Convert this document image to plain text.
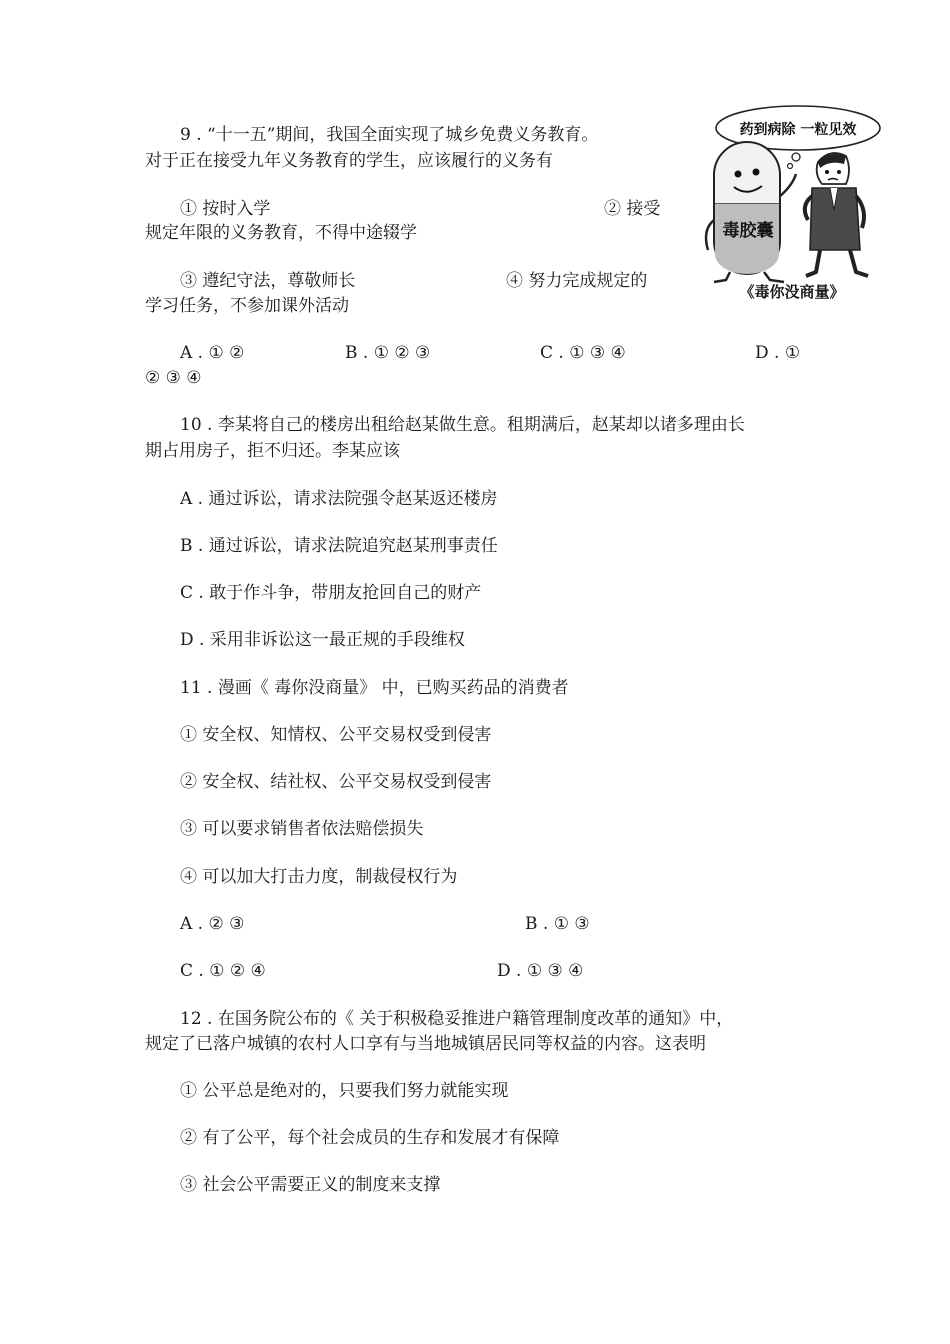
9 . “十一五”期间，我国全面实现了城乡免费义务教育。
对于正在接受九年义务教育的学生，应该履行的义务有
① 按时入学	② 接受
规定年限的义务教育，不得中途辍学
③ 遵纪守法，尊敬师长	④ 努力完成规定的
学习任务，不参加课外活动
A . ① ②	B . ① ② ③	C . ① ③ ④	D . ①
② ③ ④
药到病除 一粒见效
毒胶囊
《毒你没商量》
10 . 李某将自己的楼房出租给赵某做生意。租期满后，赵某却以诸多理由长
期占用房子，拒不归还。李某应该
A . 通过诉讼，请求法院强令赵某返还楼房
B . 通过诉讼，请求法院追究赵某刑事责任
C . 敢于作斗争，带朋友抢回自己的财产
D . 采用非诉讼这一最正规的手段维权
11 . 漫画《 毒你没商量》 中，已购买药品的消费者
① 安全权、知情权、公平交易权受到侵害
② 安全权、结社权、公平交易权受到侵害
③ 可以要求销售者依法赔偿损失
④ 可以加大打击力度，制裁侵权行为
A . ② ③	B . ① ③
C . ① ② ④	D . ① ③ ④
12 . 在国务院公布的《 关于积极稳妥推进户籍管理制度改革的通知》中，
规定了已落户城镇的农村人口享有与当地城镇居民同等权益的内容。这表明
① 公平总是绝对的，只要我们努力就能实现
② 有了公平，每个社会成员的生存和发展才有保障
③ 社会公平需要正义的制度来支撑
